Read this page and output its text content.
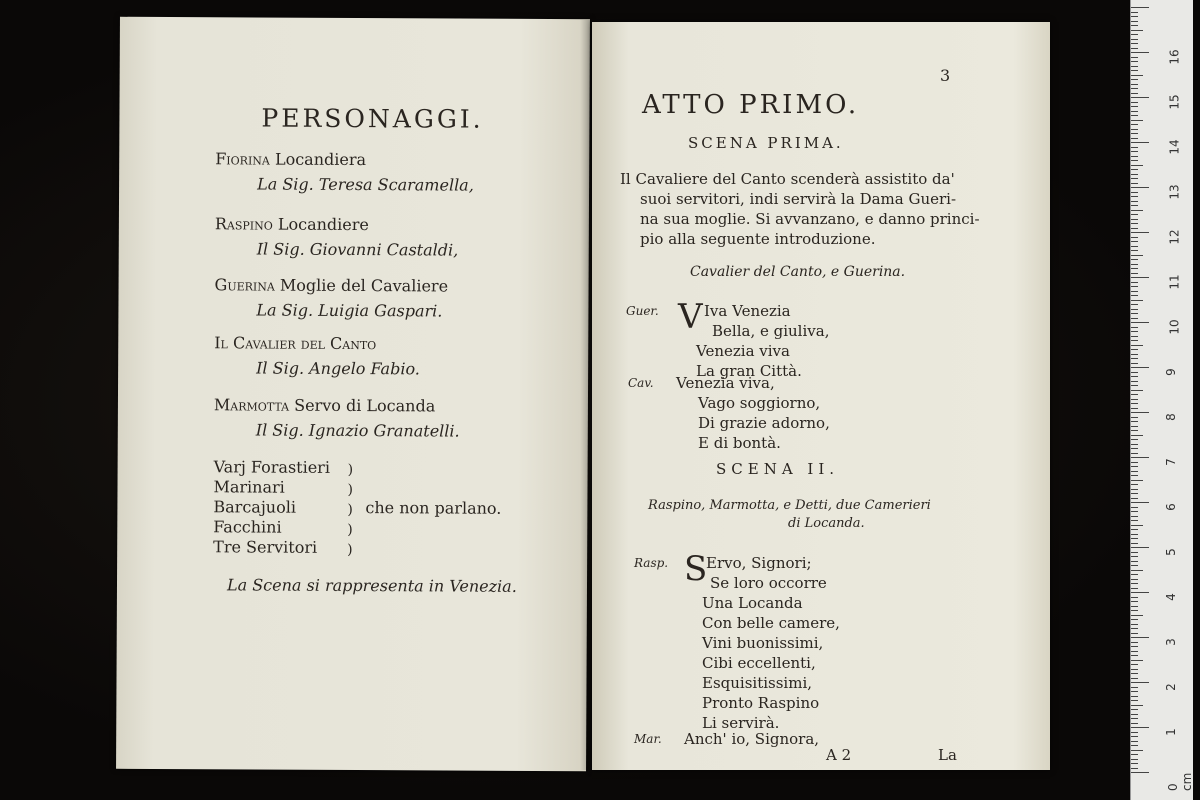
PERSONAGGI.
Fiorina Locandiera
La Sig. Teresa Scaramella,
Raspino Locandiere
Il Sig. Giovanni Castaldi,
Guerina Moglie del Cavaliere
La Sig. Luigia Gaspari.
Il Cavalier del Canto
Il Sig. Angelo Fabio.
Marmotta Servo di Locanda
Il Sig. Ignazio Granatelli.
Varj Forastieri
Marinari
Barcajuoli
Facchini
Tre Servitori
)
)
)
)
)
che non parlano.
La Scena si rappresenta in Venezia.

3
ATTO PRIMO.
SCENA PRIMA.
Il Cavaliere del Canto scenderà assistito da'
suoi servitori, indi servirà la Dama Gueri-
na sua moglie. Si avvanzano, e danno princi-
pio alla seguente introduzione.
Cavalier del Canto, e Guerina.
Guer. V Iva Venezia
Bella, e giuliva,
Venezia viva
La gran Città.
Cav. Venezia viva,
Vago soggiorno,
Di grazie adorno,
E di bontà.
SCENA II.
Raspino, Marmotta, e Detti, due Camerieri
di Locanda.
Rasp. S
Ervo, Signori;
Se loro occorre
Una Locanda
Con belle camere,
Vini buonissimi,
Cibi eccellenti,
Esquisitissimi,
Pronto Raspino
Li servirà.
Mar. Anch' io, Signora,
A 2	La
0 cm
1
2
3
4
5
6
7
8
9
10
11
12
13
14
15
16
